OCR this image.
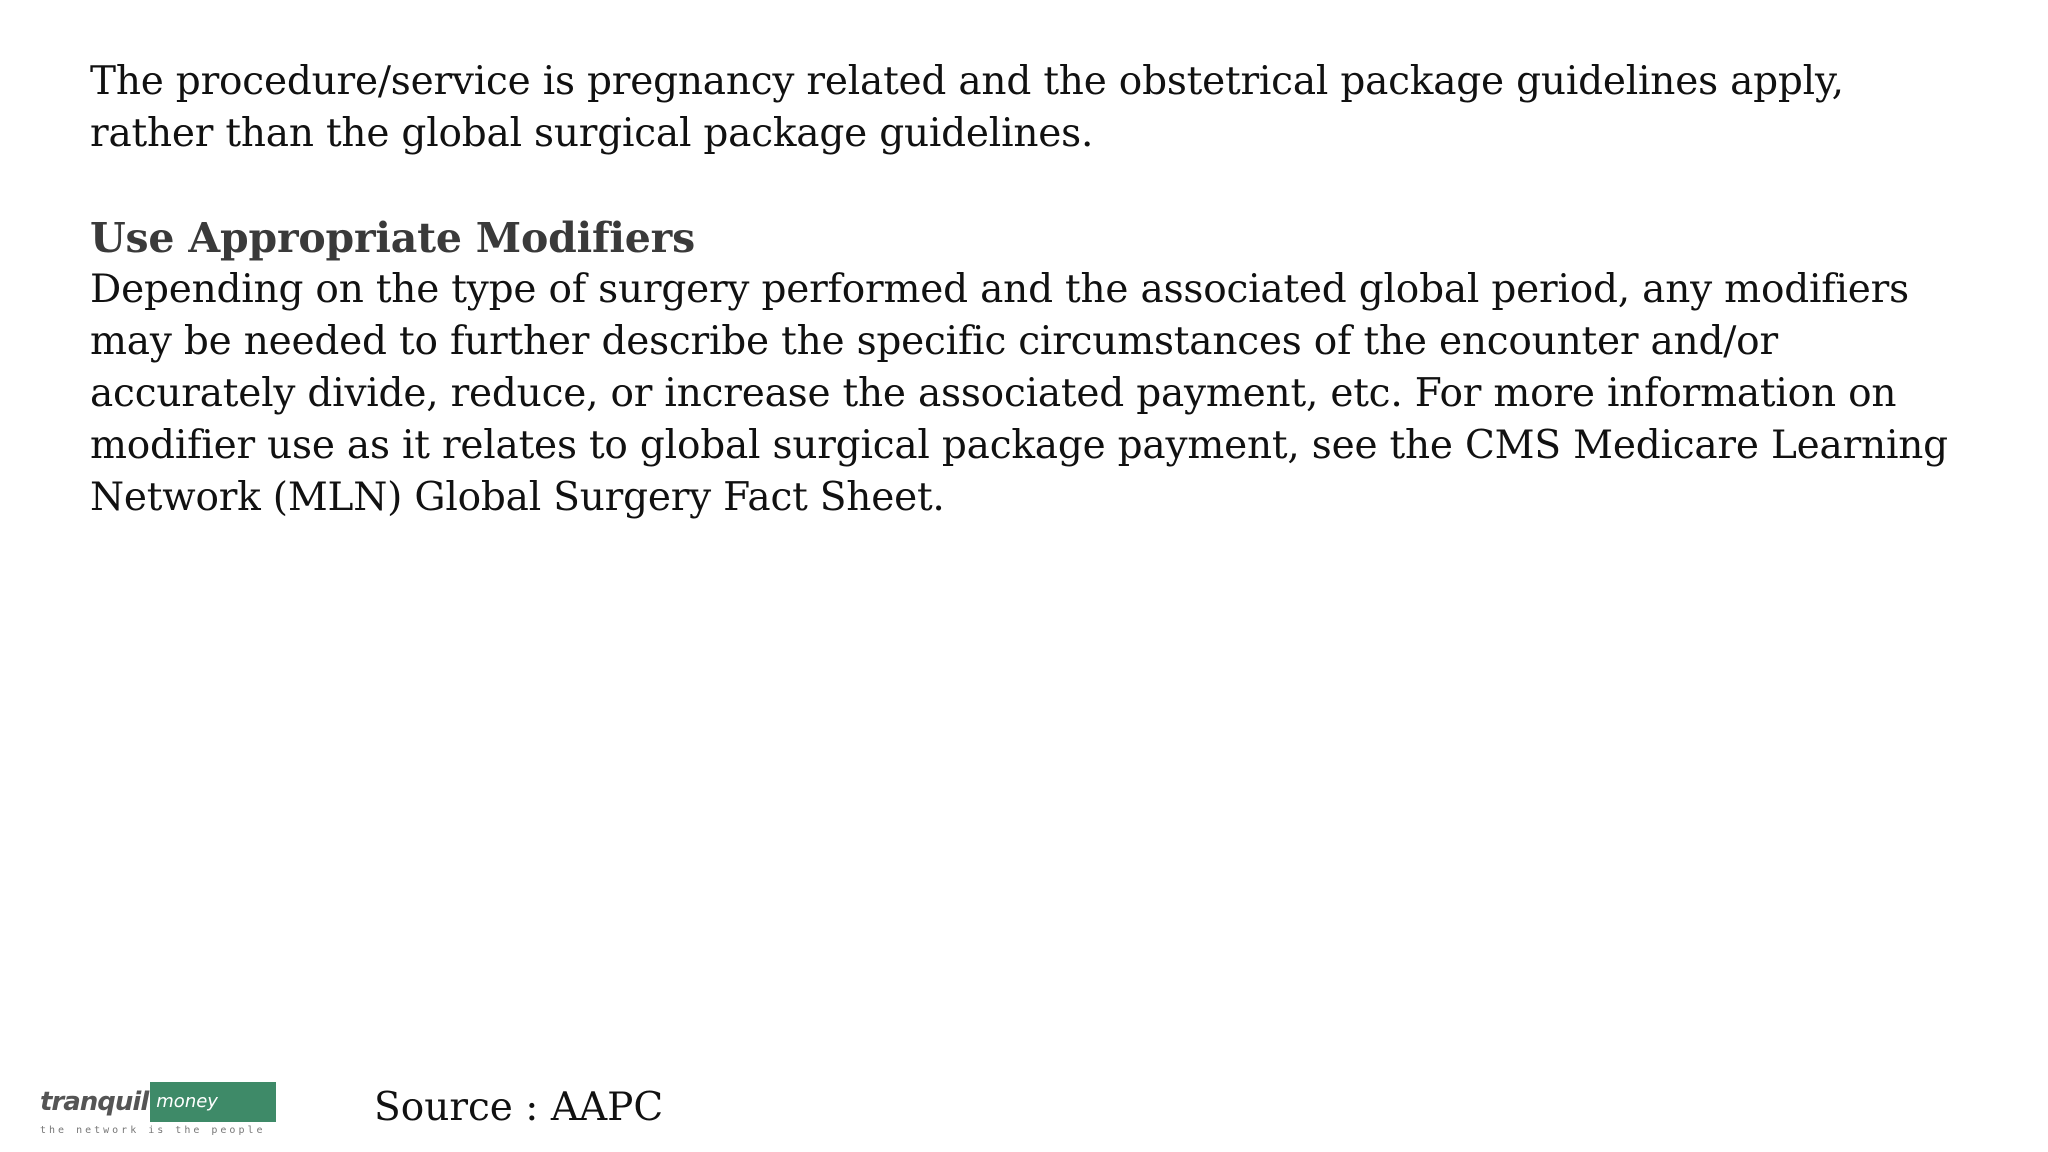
The procedure/service is pregnancy related and the obstetrical package guidelines apply,

rather than the global surgical package guidelines.

Use Appropriate Modifiers

Depending on the type of surgery performed and the associated global period, any modifiers

may be needed to further describe the specific circumstances of the encounter and/or

accurately divide, reduce, or increase the associated payment, etc. For more information on

modifier use as it relates to global surgical package payment, see the CMS Medicare Learning

Network (MLN) Global Surgery Fact Sheet.

tranquil money
the network is the people

Source : AAPC
